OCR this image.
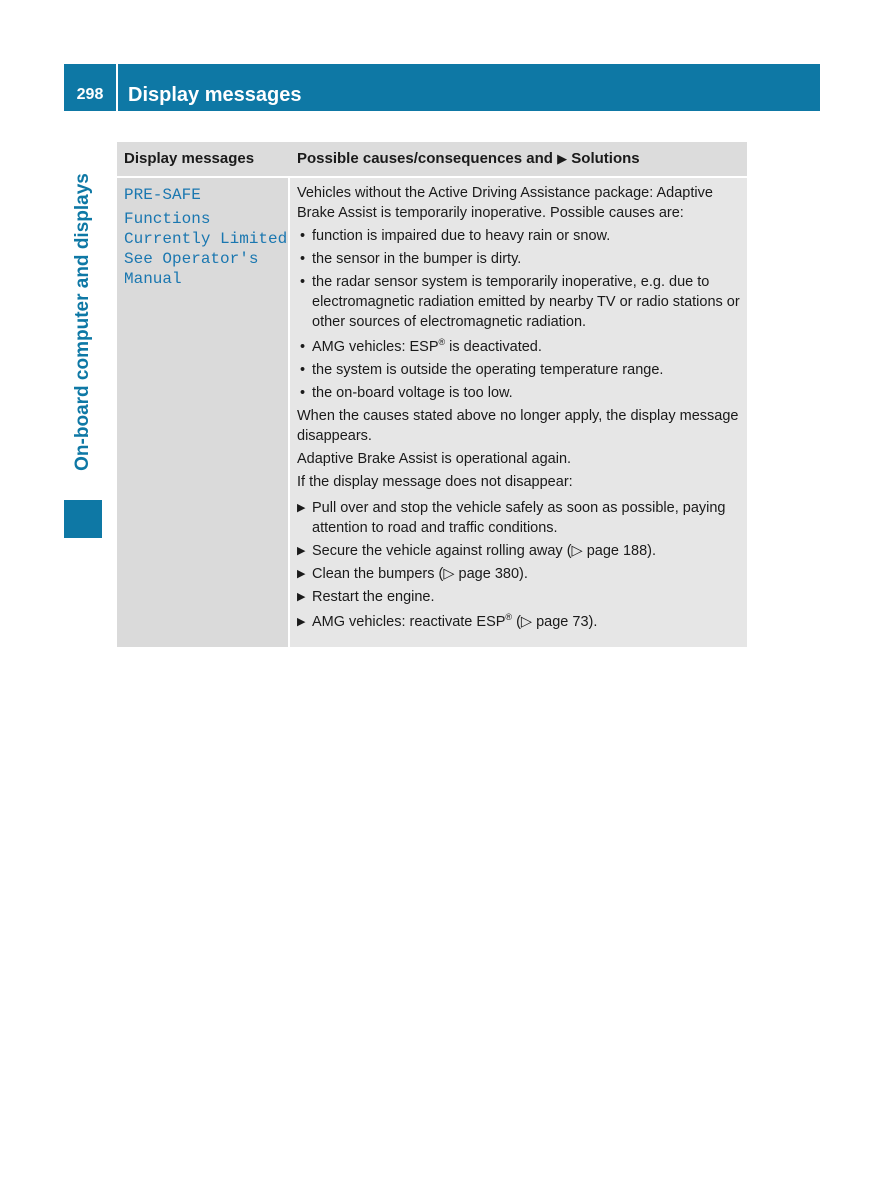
298	Display messages
On-board computer and displays
Display messages	Possible causes/consequences and ▶ Solutions
PRE-SAFE
Functions
Currently Limited
See Operator's
Manual

Vehicles without the Active Driving Assistance package: Adaptive Brake Assist is temporarily inoperative. Possible causes are:

• function is impaired due to heavy rain or snow.
• the sensor in the bumper is dirty.
• the radar sensor system is temporarily inoperative, e.g. due to electromagnetic radiation emitted by nearby TV or radio stations or other sources of electromagnetic radiation.
• AMG vehicles: ESP® is deactivated.
• the system is outside the operating temperature range.
• the on-board voltage is too low.

When the causes stated above no longer apply, the display message disappears.

Adaptive Brake Assist is operational again.

If the display message does not disappear:

▶ Pull over and stop the vehicle safely as soon as possible, paying attention to road and traffic conditions.
▶ Secure the vehicle against rolling away (▷ page 188).
▶ Clean the bumpers (▷ page 380).
▶ Restart the engine.
▶ AMG vehicles: reactivate ESP® (▷ page 73).
